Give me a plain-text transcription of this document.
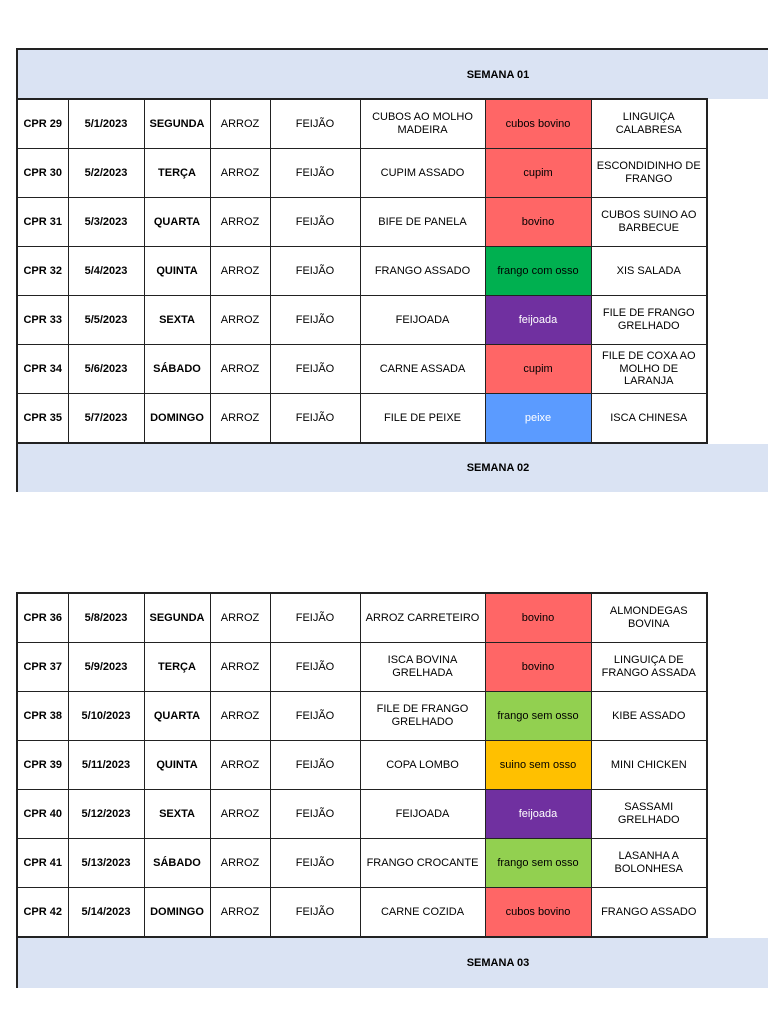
SEMANA 01
CPR 29	5/1/2023	SEGUNDA	ARROZ	FEIJÃO	CUBOS AO MOLHO MADEIRA	cubos bovino	LINGUIÇA CALABRESA
CPR 30	5/2/2023	TERÇA	ARROZ	FEIJÃO	CUPIM ASSADO	cupim	ESCONDIDINHO DE FRANGO
CPR 31	5/3/2023	QUARTA	ARROZ	FEIJÃO	BIFE DE PANELA	bovino	CUBOS SUINO AO BARBECUE
CPR 32	5/4/2023	QUINTA	ARROZ	FEIJÃO	FRANGO ASSADO	frango com osso	XIS SALADA
CPR 33	5/5/2023	SEXTA	ARROZ	FEIJÃO	FEIJOADA	feijoada	FILE DE FRANGO GRELHADO
CPR 34	5/6/2023	SÁBADO	ARROZ	FEIJÃO	CARNE ASSADA	cupim	FILE DE COXA AO MOLHO DE LARANJA
CPR 35	5/7/2023	DOMINGO	ARROZ	FEIJÃO	FILE DE PEIXE	peixe	ISCA CHINESA
SEMANA 02
CPR 36	5/8/2023	SEGUNDA	ARROZ	FEIJÃO	ARROZ CARRETEIRO	bovino	ALMONDEGAS BOVINA
CPR 37	5/9/2023	TERÇA	ARROZ	FEIJÃO	ISCA BOVINA GRELHADA	bovino	LINGUIÇA DE FRANGO ASSADA
CPR 38	5/10/2023	QUARTA	ARROZ	FEIJÃO	FILE DE FRANGO GRELHADO	frango sem osso	KIBE ASSADO
CPR 39	5/11/2023	QUINTA	ARROZ	FEIJÃO	COPA LOMBO	suino sem osso	MINI CHICKEN
CPR 40	5/12/2023	SEXTA	ARROZ	FEIJÃO	FEIJOADA	feijoada	SASSAMI GRELHADO
CPR 41	5/13/2023	SÁBADO	ARROZ	FEIJÃO	FRANGO CROCANTE	frango sem osso	LASANHA A BOLONHESA
CPR 42	5/14/2023	DOMINGO	ARROZ	FEIJÃO	CARNE COZIDA	cubos bovino	FRANGO ASSADO
SEMANA 03
